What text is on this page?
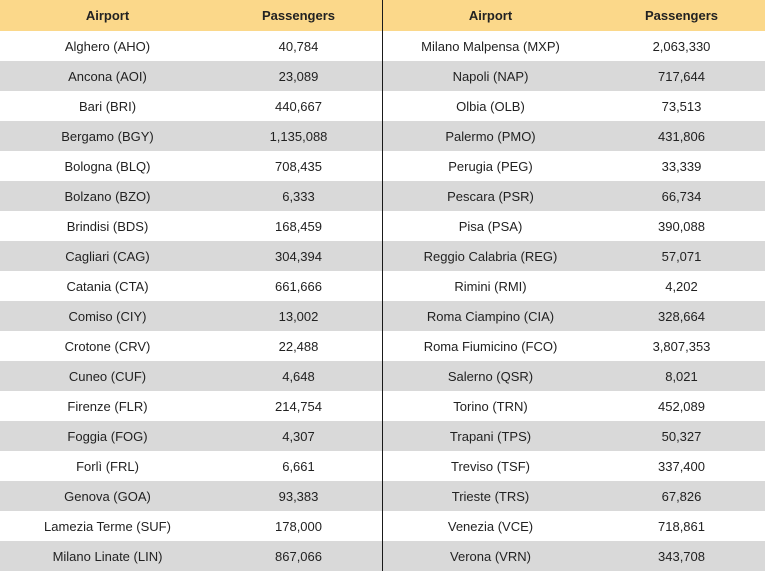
Airport	Passengers
Alghero (AHO)	40,784
Ancona (AOI)	23,089
Bari (BRI)	440,667
Bergamo (BGY)	1,135,088
Bologna (BLQ)	708,435
Bolzano (BZO)	6,333
Brindisi (BDS)	168,459
Cagliari (CAG)	304,394
Catania (CTA)	661,666
Comiso (CIY)	13,002
Crotone (CRV)	22,488
Cuneo (CUF)	4,648
Firenze (FLR)	214,754
Foggia (FOG)	4,307
Forlì (FRL)	6,661
Genova (GOA)	93,383
Lamezia Terme (SUF)	178,000
Milano Linate (LIN)	867,066
Airport	Passengers
Milano Malpensa (MXP)	2,063,330
Napoli (NAP)	717,644
Olbia (OLB)	73,513
Palermo (PMO)	431,806
Perugia (PEG)	33,339
Pescara (PSR)	66,734
Pisa (PSA)	390,088
Reggio Calabria (REG)	57,071
Rimini (RMI)	4,202
Roma Ciampino (CIA)	328,664
Roma Fiumicino (FCO)	3,807,353
Salerno (QSR)	8,021
Torino (TRN)	452,089
Trapani (TPS)	50,327
Treviso (TSF)	337,400
Trieste (TRS)	67,826
Venezia (VCE)	718,861
Verona (VRN)	343,708
